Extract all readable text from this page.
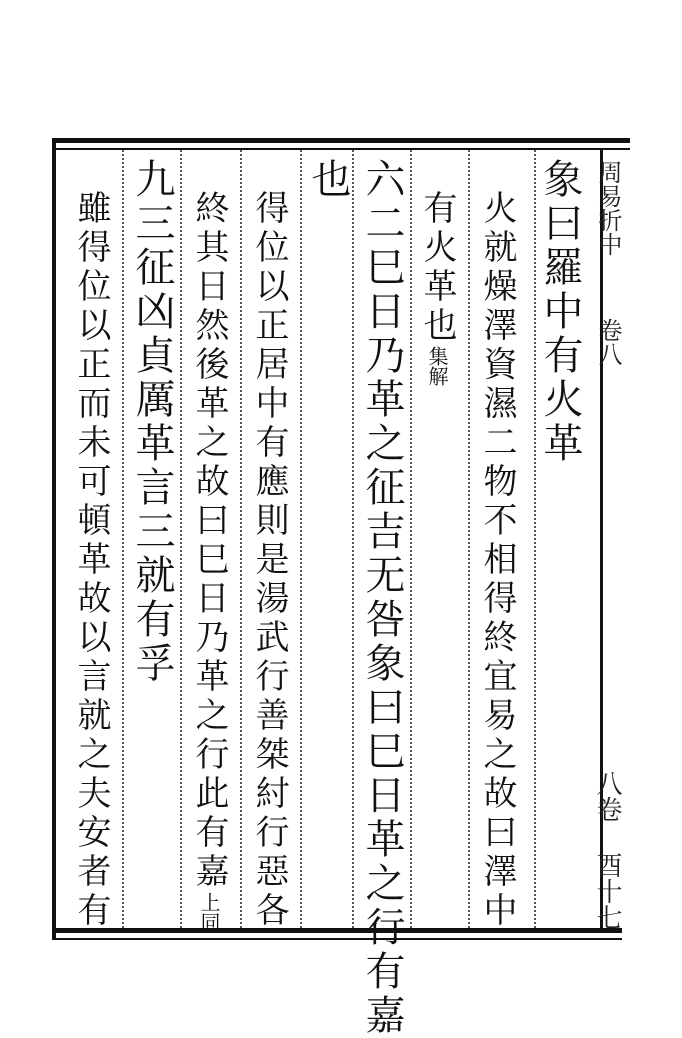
周易折中
卷八
八卷 酉十七
象曰羅中有火革
火就燥澤資濕二物不相得終宜易之故曰澤中
有火革也集解
六二巳日乃革之征吉无咎象曰巳日革之行有嘉
也
得位以正居中有應則是湯武行善桀紂行惡各
終其日然後革之故曰巳日乃革之行此有嘉上同
九三征凶貞厲革言三就有孚
雖得位以正而未可頓革故以言就之夫安者有
